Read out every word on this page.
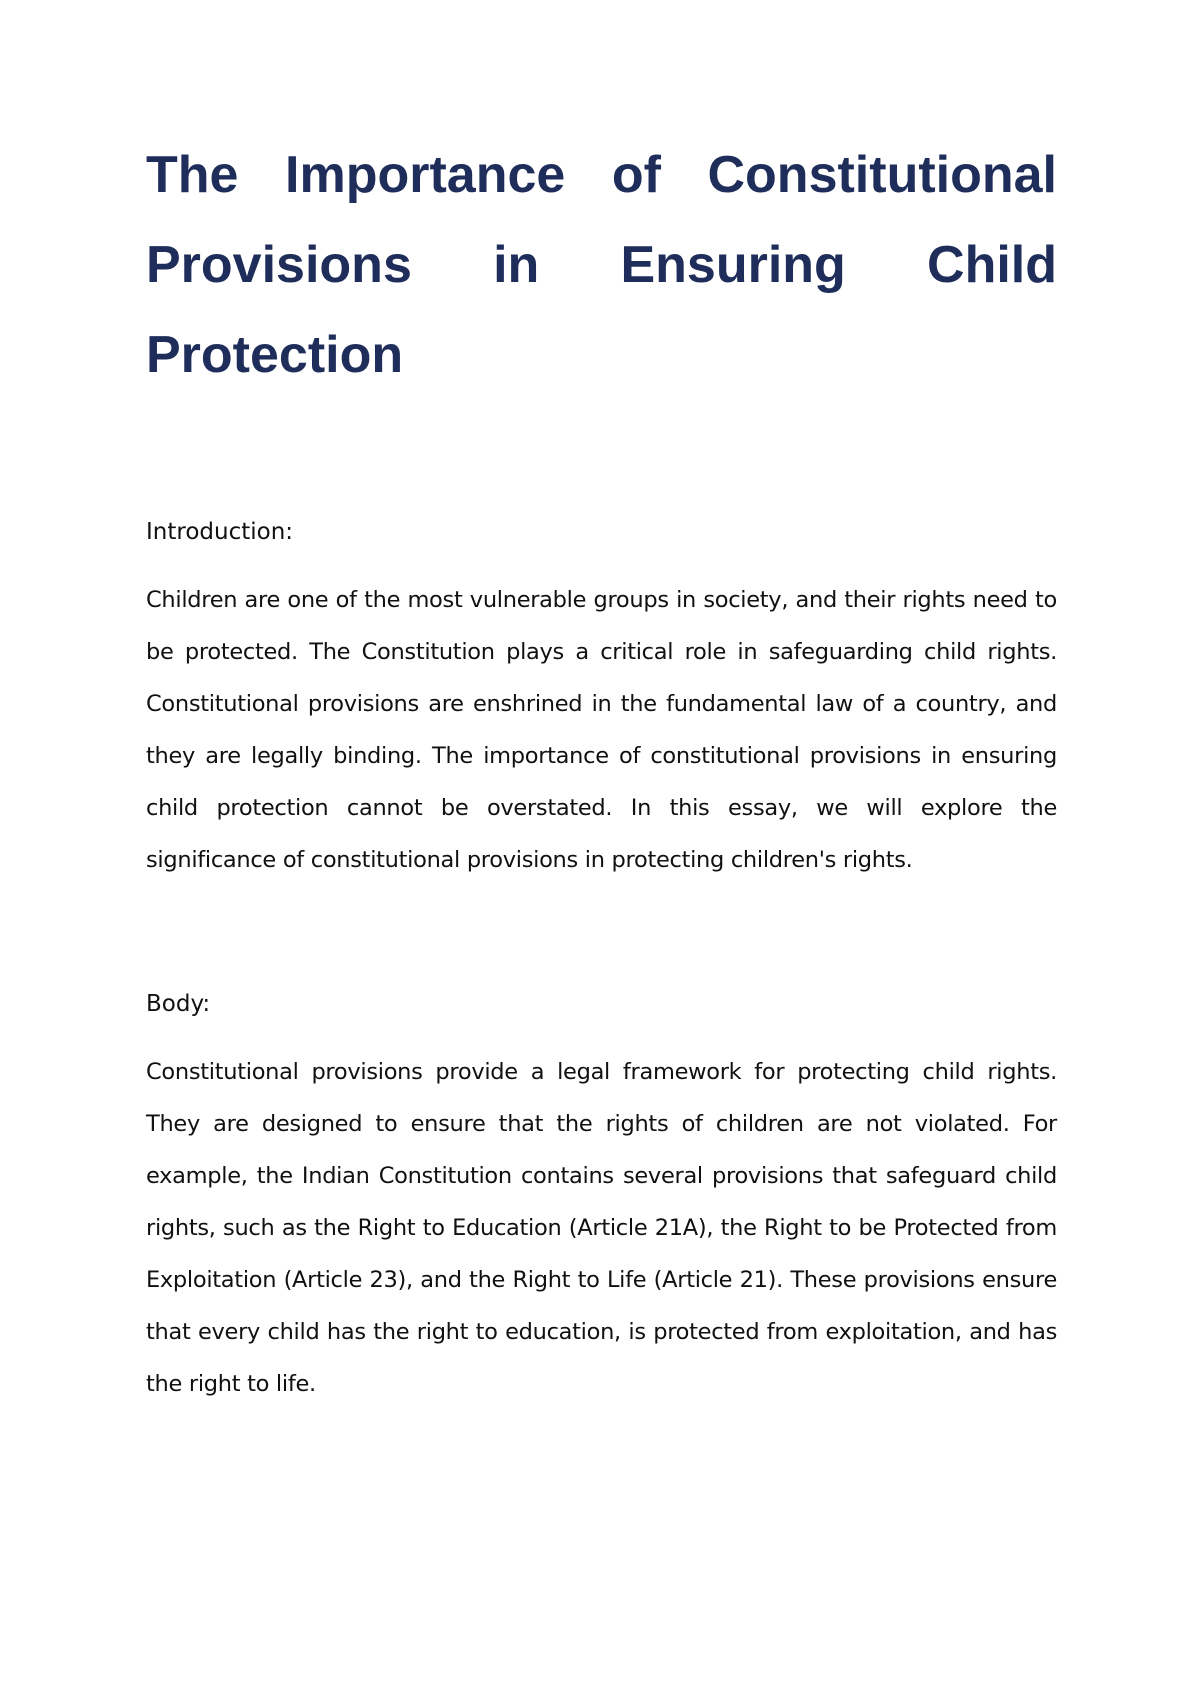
The Importance of Constitutional Provisions in Ensuring Child Protection
Introduction:

Children are one of the most vulnerable groups in society, and their rights need to be protected. The Constitution plays a critical role in safeguarding child rights. Constitutional provisions are enshrined in the fundamental law of a country, and they are legally binding. The importance of constitutional provisions in ensuring child protection cannot be overstated. In this essay, we will explore the significance of constitutional provisions in protecting children's rights.

Body:

Constitutional provisions provide a legal framework for protecting child rights. They are designed to ensure that the rights of children are not violated. For example, the Indian Constitution contains several provisions that safeguard child rights, such as the Right to Education (Article 21A), the Right to be Protected from Exploitation (Article 23), and the Right to Life (Article 21). These provisions ensure that every child has the right to education, is protected from exploitation, and has the right to life.
